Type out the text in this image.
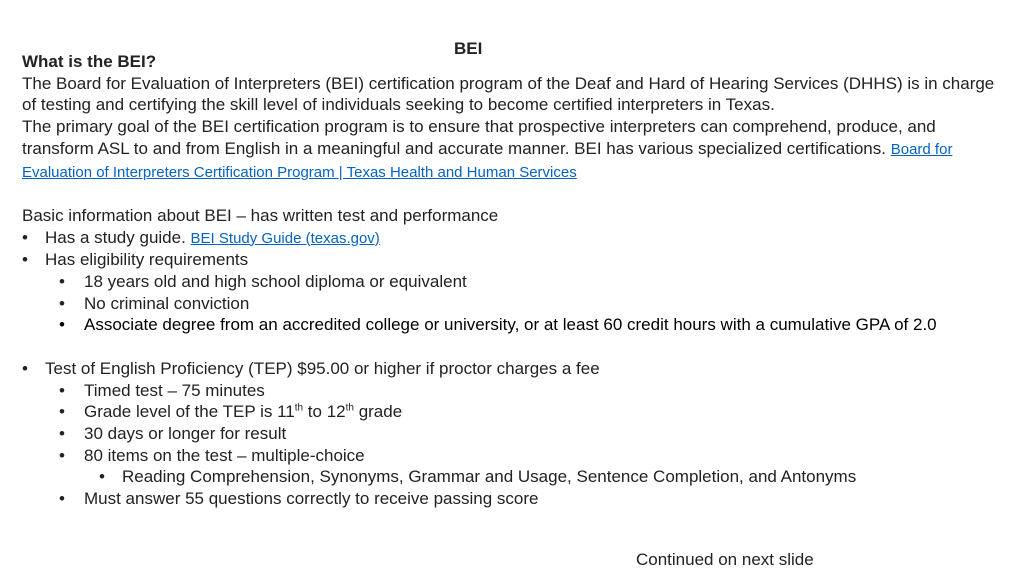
BEI
What is the BEI?

The Board for Evaluation of Interpreters (BEI) certification program of the Deaf and Hard of Hearing Services (DHHS) is in charge of testing and certifying the skill level of individuals seeking to become certified interpreters in Texas.

The primary goal of the BEI certification program is to ensure that prospective interpreters can comprehend, produce, and transform ASL to and from English in a meaningful and accurate manner. BEI has various specialized certifications. Board for Evaluation of Interpreters Certification Program | Texas Health and Human Services

Basic information about BEI – has written test and performance
• Has a study guide. BEI Study Guide (texas.gov)
• Has eligibility requirements
• 18 years old and high school diploma or equivalent
• No criminal conviction
• Associate degree from an accredited college or university, or at least 60 credit hours with a cumulative GPA of 2.0
• Test of English Proficiency (TEP) $95.00 or higher if proctor charges a fee
• Timed test – 75 minutes
• Grade level of the TEP is 11th to 12th grade
• 30 days or longer for result
• 80 items on the test – multiple-choice
• Reading Comprehension, Synonyms, Grammar and Usage, Sentence Completion, and Antonyms
• Must answer 55 questions correctly to receive passing score
Continued on next slide
